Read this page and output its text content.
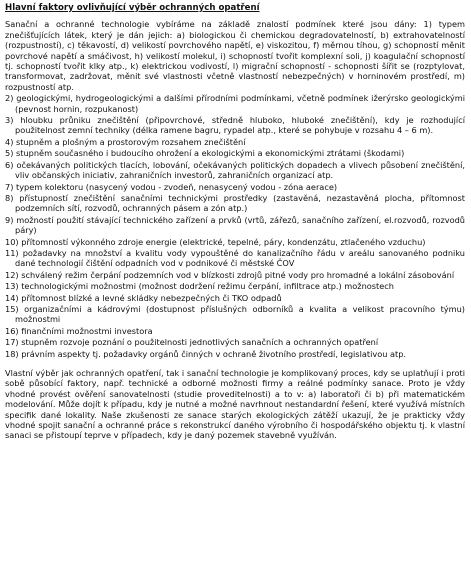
Hlavní faktory ovlivňující výběr ochranných opatření

Sanační a ochranné technologie vybíráme na základě znalostí podmínek které jsou dány: 1) typem znečišťujících látek, který je dán jejich: a) biologickou či chemickou degradovatelností, b) extrahovatelností (rozpustností), c) těkavostí, d) velikostí povrchového napětí, e) viskozitou, f) měrnou tíhou, g) schopností měnit povrchové napětí a smáčivost, h) velikostí molekul, i) schopností tvořit komplexní soli, j) koagulační schopností tj. schopností tvořit klky atp., k) elektrickou vodivostí, l) migrační schopností - schopnosti šířit se (rozptylovat, transformovat, zadržovat, měnit své vlastnosti včetně vlastností nebezpečných) v horninovém prostředí, m) rozpustností atp.

2) geologickými, hydrogeologickými a dalšími přírodními podmínkami, včetně podmínek ižerýrsko geologickými (pevnost hornin, rozpukanost)

3) hloubku průniku znečištění (připovrchové, středně hluboko, hluboké znečištění), kdy je rozhodující použitelnost zemní techniky (délka ramene bagru, rypadel atp., které se pohybuje v rozsahu 4 – 6 m).

4) stupněm a plošným a prostorovým rozsahem znečištění

5) stupněm současného i budoucího ohrožení a ekologickými a ekonomickými ztrátami (škodami)

6) očekávaných politických tlacích, lobování, očekávaných politických dopadech a vlivech působení znečištění, vliv občanských iniciativ, zahraničních investorů, zahraničních organizací atp.

7) typem kolektoru (nasycený vodou - zvodeň, nenasycený vodou - zóna aerace)

8) přístupností znečištění sanačními technickými prostředky (zastavěná, nezastavěná plocha, přítomnost podzemních sítí, rozvodů, ochranných pásem a zón atp.)

9) možností použití stávající technického zařízení a prvků (vrtů, zářezů, sanačního zařízení, el.rozvodů, rozvodů páry)

10) přítomností výkonného zdroje energie (elektrické, tepelné, páry, kondenzátu, ztlačeného vzduchu)

11) požadavky na množství a kvalitu vody vypouštěné do kanalizačního řádu v areálu sanovaného podniku dané technologií čištění odpadních vod v podnikové či městské ČOV

12) schválený režim čerpání podzemních vod v blízkosti zdrojů pitné vody pro hromadné a lokální zásobování

13) technologickými možnostmi (možnost dodržení režimu čerpání, infiltrace atp.) možnostech

14) přítomnost blízké a levné skládky nebezpečných či TKO odpadů

15) organizačními a kádrovými (dostupnost příslušných odborníků a kvalita a velikost pracovního týmu) možnostmi

16) finančními možnostmi investora

17) stupněm rozvoje poznání o použitelnosti jednotlivých sanačních a ochranných opatření

18) právním aspekty tj. požadavky orgánů činných v ochraně životního prostředí, legislativou atp.

Vlastní výběr jak ochranných opatření, tak i sanační technologie je komplikovaný proces, kdy se uplatňují i proti sobě působící faktory, např. technické a odborné možnosti firmy a reálné podmínky sanace. Proto je vždy vhodné provést ověření sanovatelnosti (studie proveditelnosti) a to v: a) laboratoři či b) při matematickém modelování. Může dojít k případu, kdy je nutné a možné navrhnout nestandardní řešení, které využívá místních specifik dané lokality. Naše zkušenosti ze sanace starých ekologických zátěží ukazují, že je prakticky vždy vhodné spojit sanační a ochranné práce s rekonstrukcí daného výrobního či hospodářského objektu tj. k vlastní sanaci se přistoupí teprve v případech, kdy je daný pozemek stavebně využíván.
